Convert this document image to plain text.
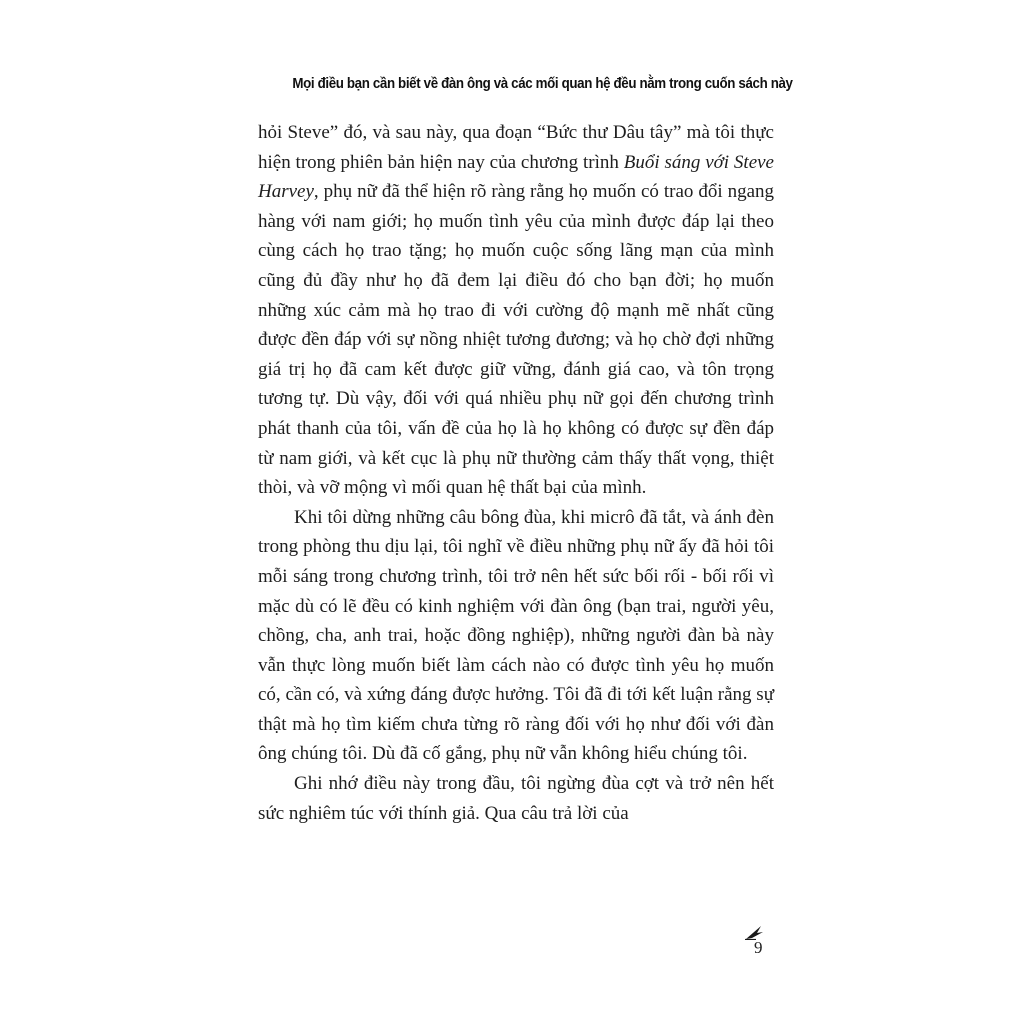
Mọi điều bạn cần biết về đàn ông và các mối quan hệ đều nằm trong cuốn sách này

hỏi Steve” đó, và sau này, qua đoạn “Bức thư Dâu tây” mà tôi thực hiện trong phiên bản hiện nay của chương trình Buổi sáng với Steve Harvey, phụ nữ đã thể hiện rõ ràng rằng họ muốn có trao đổi ngang hàng với nam giới; họ muốn tình yêu của mình được đáp lại theo cùng cách họ trao tặng; họ muốn cuộc sống lãng mạn của mình cũng đủ đầy như họ đã đem lại điều đó cho bạn đời; họ muốn những xúc cảm mà họ trao đi với cường độ mạnh mẽ nhất cũng được đền đáp với sự nồng nhiệt tương đương; và họ chờ đợi những giá trị họ đã cam kết được giữ vững, đánh giá cao, và tôn trọng tương tự. Dù vậy, đối với quá nhiều phụ nữ gọi đến chương trình phát thanh của tôi, vấn đề của họ là họ không có được sự đền đáp từ nam giới, và kết cục là phụ nữ thường cảm thấy thất vọng, thiệt thòi, và vỡ mộng vì mối quan hệ thất bại của mình.

Khi tôi dừng những câu bông đùa, khi micrô đã tắt, và ánh đèn trong phòng thu dịu lại, tôi nghĩ về điều những phụ nữ ấy đã hỏi tôi mỗi sáng trong chương trình, tôi trở nên hết sức bối rối - bối rối vì mặc dù có lẽ đều có kinh nghiệm với đàn ông (bạn trai, người yêu, chồng, cha, anh trai, hoặc đồng nghiệp), những người đàn bà này vẫn thực lòng muốn biết làm cách nào có được tình yêu họ muốn có, cần có, và xứng đáng được hưởng. Tôi đã đi tới kết luận rằng sự thật mà họ tìm kiếm chưa từng rõ ràng đối với họ như đối với đàn ông chúng tôi. Dù đã cố gắng, phụ nữ vẫn không hiểu chúng tôi.

Ghi nhớ điều này trong đầu, tôi ngừng đùa cợt và trở nên hết sức nghiêm túc với thính giả. Qua câu trả lời của

9
